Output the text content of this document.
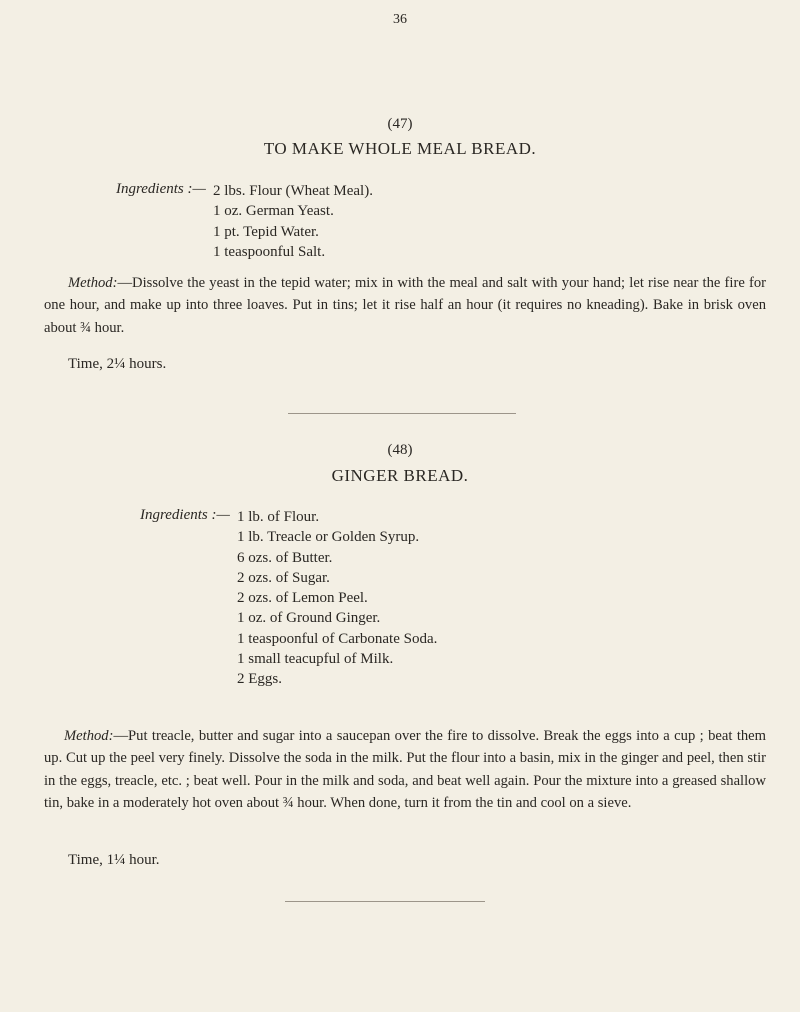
36
(47)
TO MAKE WHOLE MEAL BREAD.
Ingredients :— 2 lbs. Flour (Wheat Meal).
1 oz. German Yeast.
1 pt. Tepid Water.
1 teaspoonful Salt.
Method:—Dissolve the yeast in the tepid water; mix in with the meal and salt with your hand; let rise near the fire for one hour, and make up into three loaves. Put in tins; let it rise half an hour (it requires no kneading). Bake in brisk oven about ¾ hour.
Time, 2¼ hours.
(48)
GINGER BREAD.
Ingredients :— 1 lb. of Flour.
1 lb. Treacle or Golden Syrup.
6 ozs. of Butter.
2 ozs. of Sugar.
2 ozs. of Lemon Peel.
1 oz. of Ground Ginger.
1 teaspoonful of Carbonate Soda.
1 small teacupful of Milk.
2 Eggs.
Method:—Put treacle, butter and sugar into a saucepan over the fire to dissolve. Break the eggs into a cup ; beat them up. Cut up the peel very finely. Dissolve the soda in the milk. Put the flour into a basin, mix in the ginger and peel, then stir in the eggs, treacle, etc. ; beat well. Pour in the milk and soda, and beat well again. Pour the mixture into a greased shallow tin, bake in a moderately hot oven about ¾ hour. When done, turn it from the tin and cool on a sieve.
Time, 1¼ hour.
